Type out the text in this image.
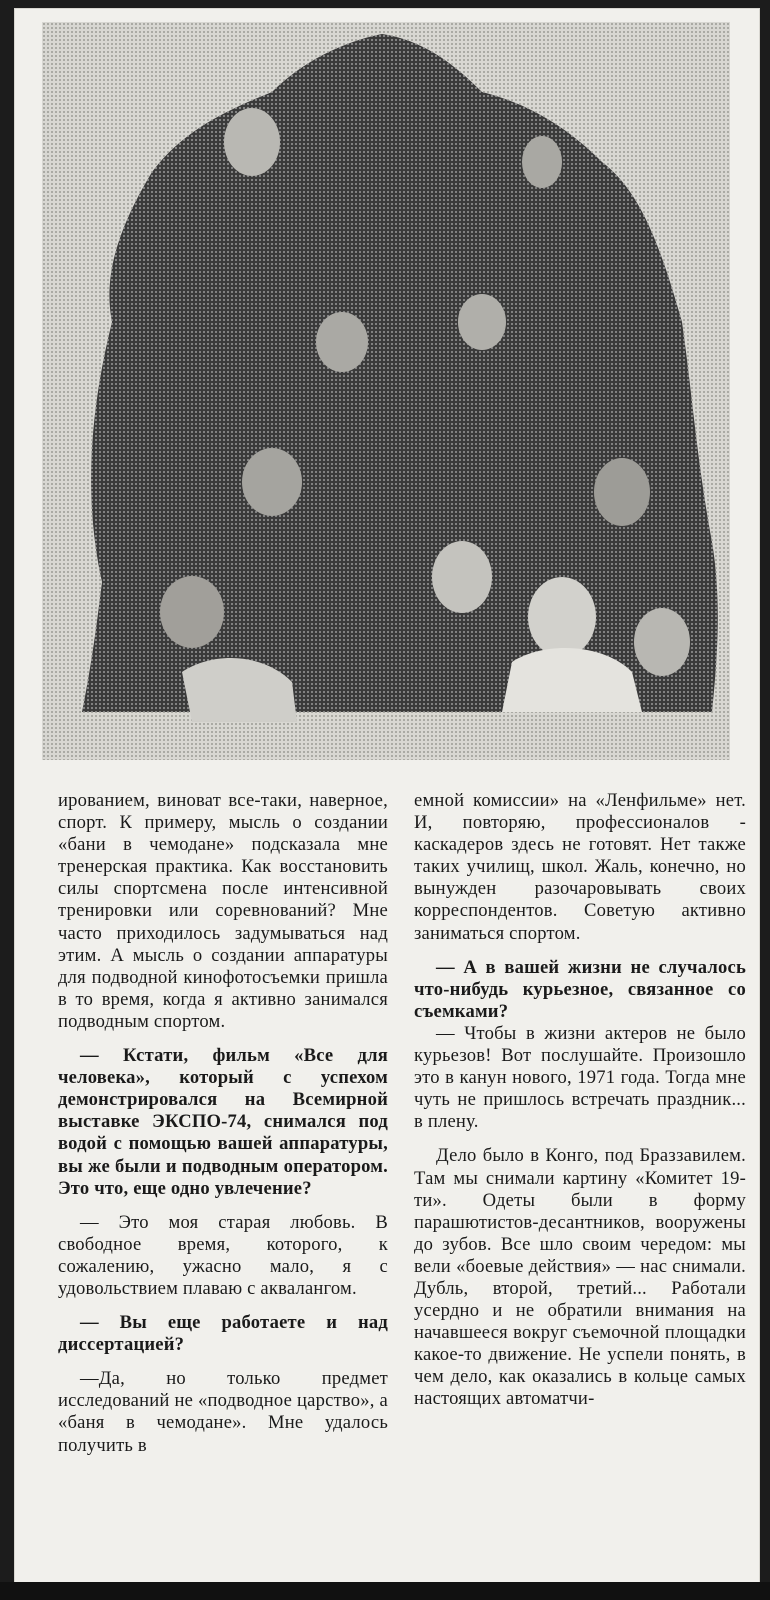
ированием, виноват все-таки, наверное, спорт. К примеру, мысль о создании «бани в чемодане» подсказала мне тренерская практика. Как восстановить силы спортсмена после интенсивной тренировки или соревнований? Мне часто приходилось задумываться над этим. А мысль о создании аппаратуры для подводной кинофотосъемки пришла в то время, когда я активно занимался подводным спортом.

— Кстати, фильм «Все для человека», который с успехом демонстрировался на Всемирной выставке ЭКСПО-74, снимался под водой с помощью вашей аппаратуры, вы же были и подводным оператором. Это что, еще одно увлечение?

— Это моя старая любовь. В свободное время, которого, к сожалению, ужасно мало, я с удовольствием плаваю с аквалангом.

— Вы еще работаете и над диссертацией?

—Да, но только предмет исследований не «подводное царство», а «баня в чемодане». Мне удалось получить в

емной комиссии» на «Ленфильме» нет. И, повторяю, профессионалов - каскадеров здесь не готовят. Нет также таких училищ, школ. Жаль, конечно, но вынужден разочаровывать своих корреспондентов. Советую активно заниматься спортом.

— А в вашей жизни не случалось что-нибудь курьезное, связанное со съемками?

— Чтобы в жизни актеров не было курьезов! Вот послушайте. Произошло это в канун нового, 1971 года. Тогда мне чуть не пришлось встречать праздник... в плену.

Дело было в Конго, под Браззавилем. Там мы снимали картину «Комитет 19-ти». Одеты были в форму парашютистов-десантников, вооружены до зубов. Все шло своим чередом: мы вели «боевые действия» — нас снимали. Дубль, второй, третий... Работали усердно и не обратили внимания на начавшееся вокруг съемочной площадки какое-то движение. Не успели понять, в чем дело, как оказались в кольце самых настоящих автоматчи-
